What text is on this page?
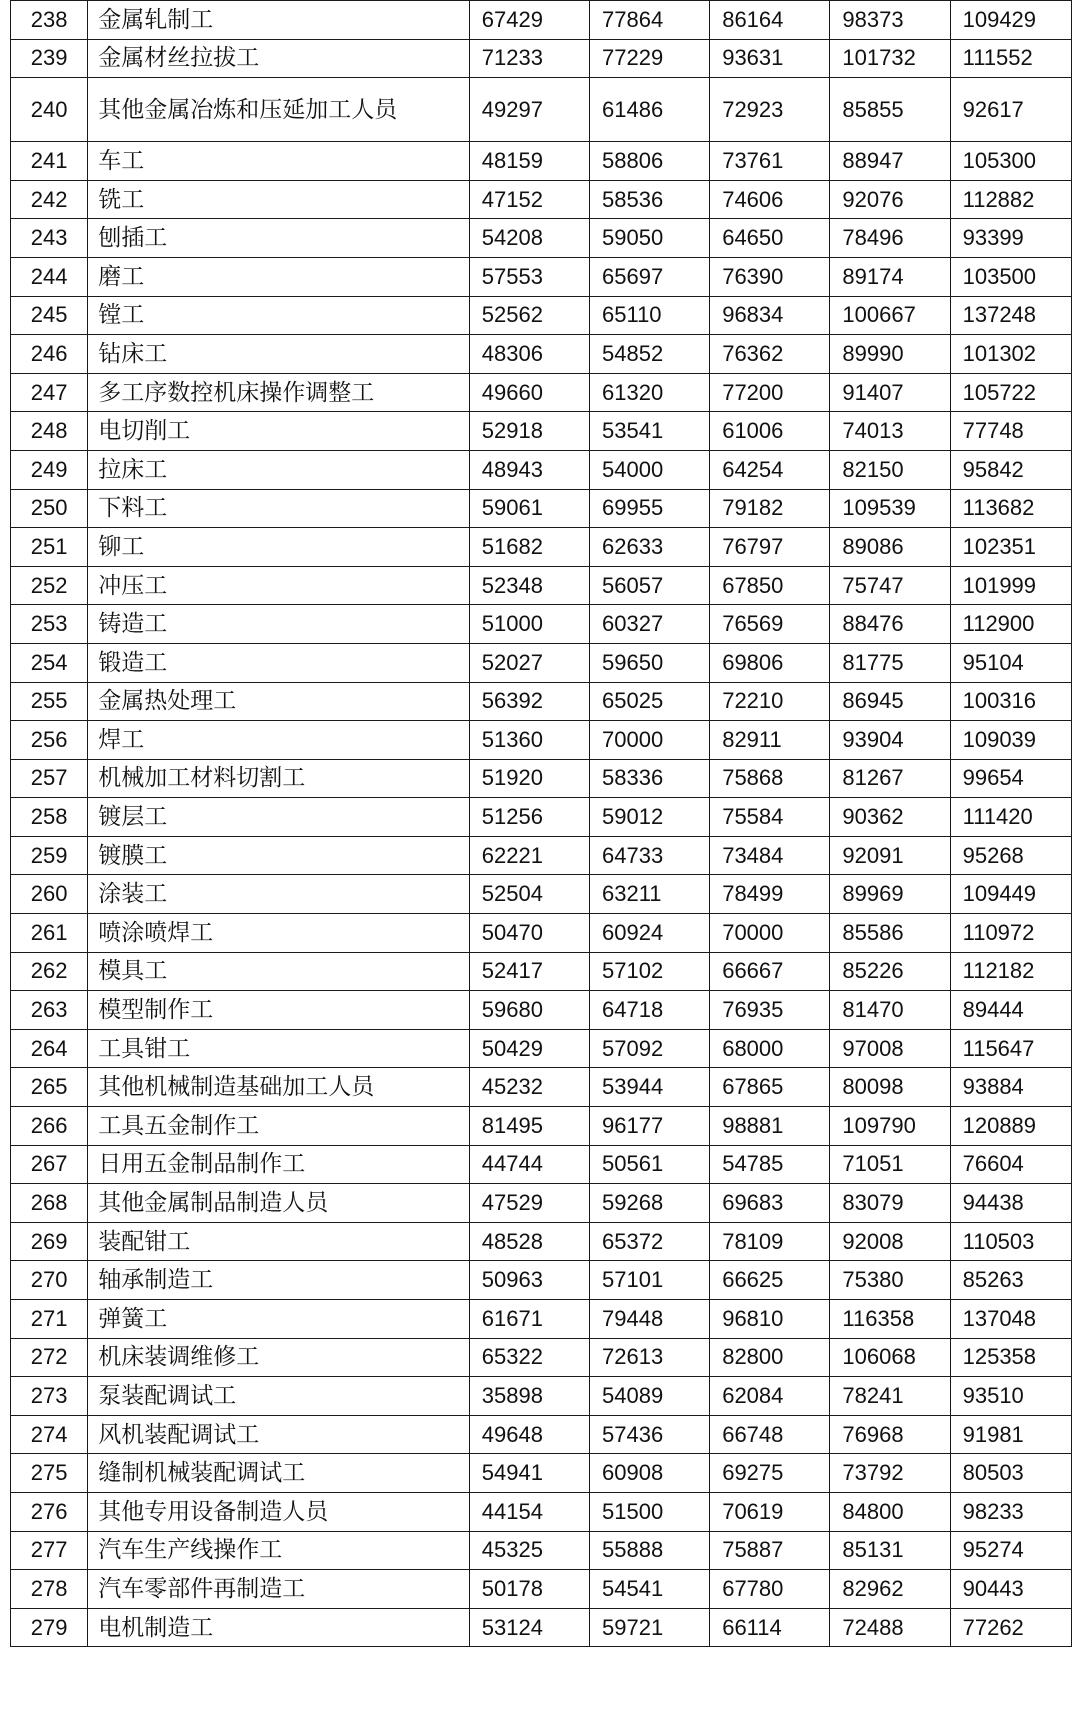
238	金属轧制工	67429	77864	86164	98373	109429
239	金属材丝拉拔工	71233	77229	93631	101732	111552
240	其他金属冶炼和压延加工人员	49297	61486	72923	85855	92617
241	车工	48159	58806	73761	88947	105300
242	铣工	47152	58536	74606	92076	112882
243	刨插工	54208	59050	64650	78496	93399
244	磨工	57553	65697	76390	89174	103500
245	镗工	52562	65110	96834	100667	137248
246	钻床工	48306	54852	76362	89990	101302
247	多工序数控机床操作调整工	49660	61320	77200	91407	105722
248	电切削工	52918	53541	61006	74013	77748
249	拉床工	48943	54000	64254	82150	95842
250	下料工	59061	69955	79182	109539	113682
251	铆工	51682	62633	76797	89086	102351
252	冲压工	52348	56057	67850	75747	101999
253	铸造工	51000	60327	76569	88476	112900
254	锻造工	52027	59650	69806	81775	95104
255	金属热处理工	56392	65025	72210	86945	100316
256	焊工	51360	70000	82911	93904	109039
257	机械加工材料切割工	51920	58336	75868	81267	99654
258	镀层工	51256	59012	75584	90362	111420
259	镀膜工	62221	64733	73484	92091	95268
260	涂装工	52504	63211	78499	89969	109449
261	喷涂喷焊工	50470	60924	70000	85586	110972
262	模具工	52417	57102	66667	85226	112182
263	模型制作工	59680	64718	76935	81470	89444
264	工具钳工	50429	57092	68000	97008	115647
265	其他机械制造基础加工人员	45232	53944	67865	80098	93884
266	工具五金制作工	81495	96177	98881	109790	120889
267	日用五金制品制作工	44744	50561	54785	71051	76604
268	其他金属制品制造人员	47529	59268	69683	83079	94438
269	装配钳工	48528	65372	78109	92008	110503
270	轴承制造工	50963	57101	66625	75380	85263
271	弹簧工	61671	79448	96810	116358	137048
272	机床装调维修工	65322	72613	82800	106068	125358
273	泵装配调试工	35898	54089	62084	78241	93510
274	风机装配调试工	49648	57436	66748	76968	91981
275	缝制机械装配调试工	54941	60908	69275	73792	80503
276	其他专用设备制造人员	44154	51500	70619	84800	98233
277	汽车生产线操作工	45325	55888	75887	85131	95274
278	汽车零部件再制造工	50178	54541	67780	82962	90443
279	电机制造工	53124	59721	66114	72488	77262
